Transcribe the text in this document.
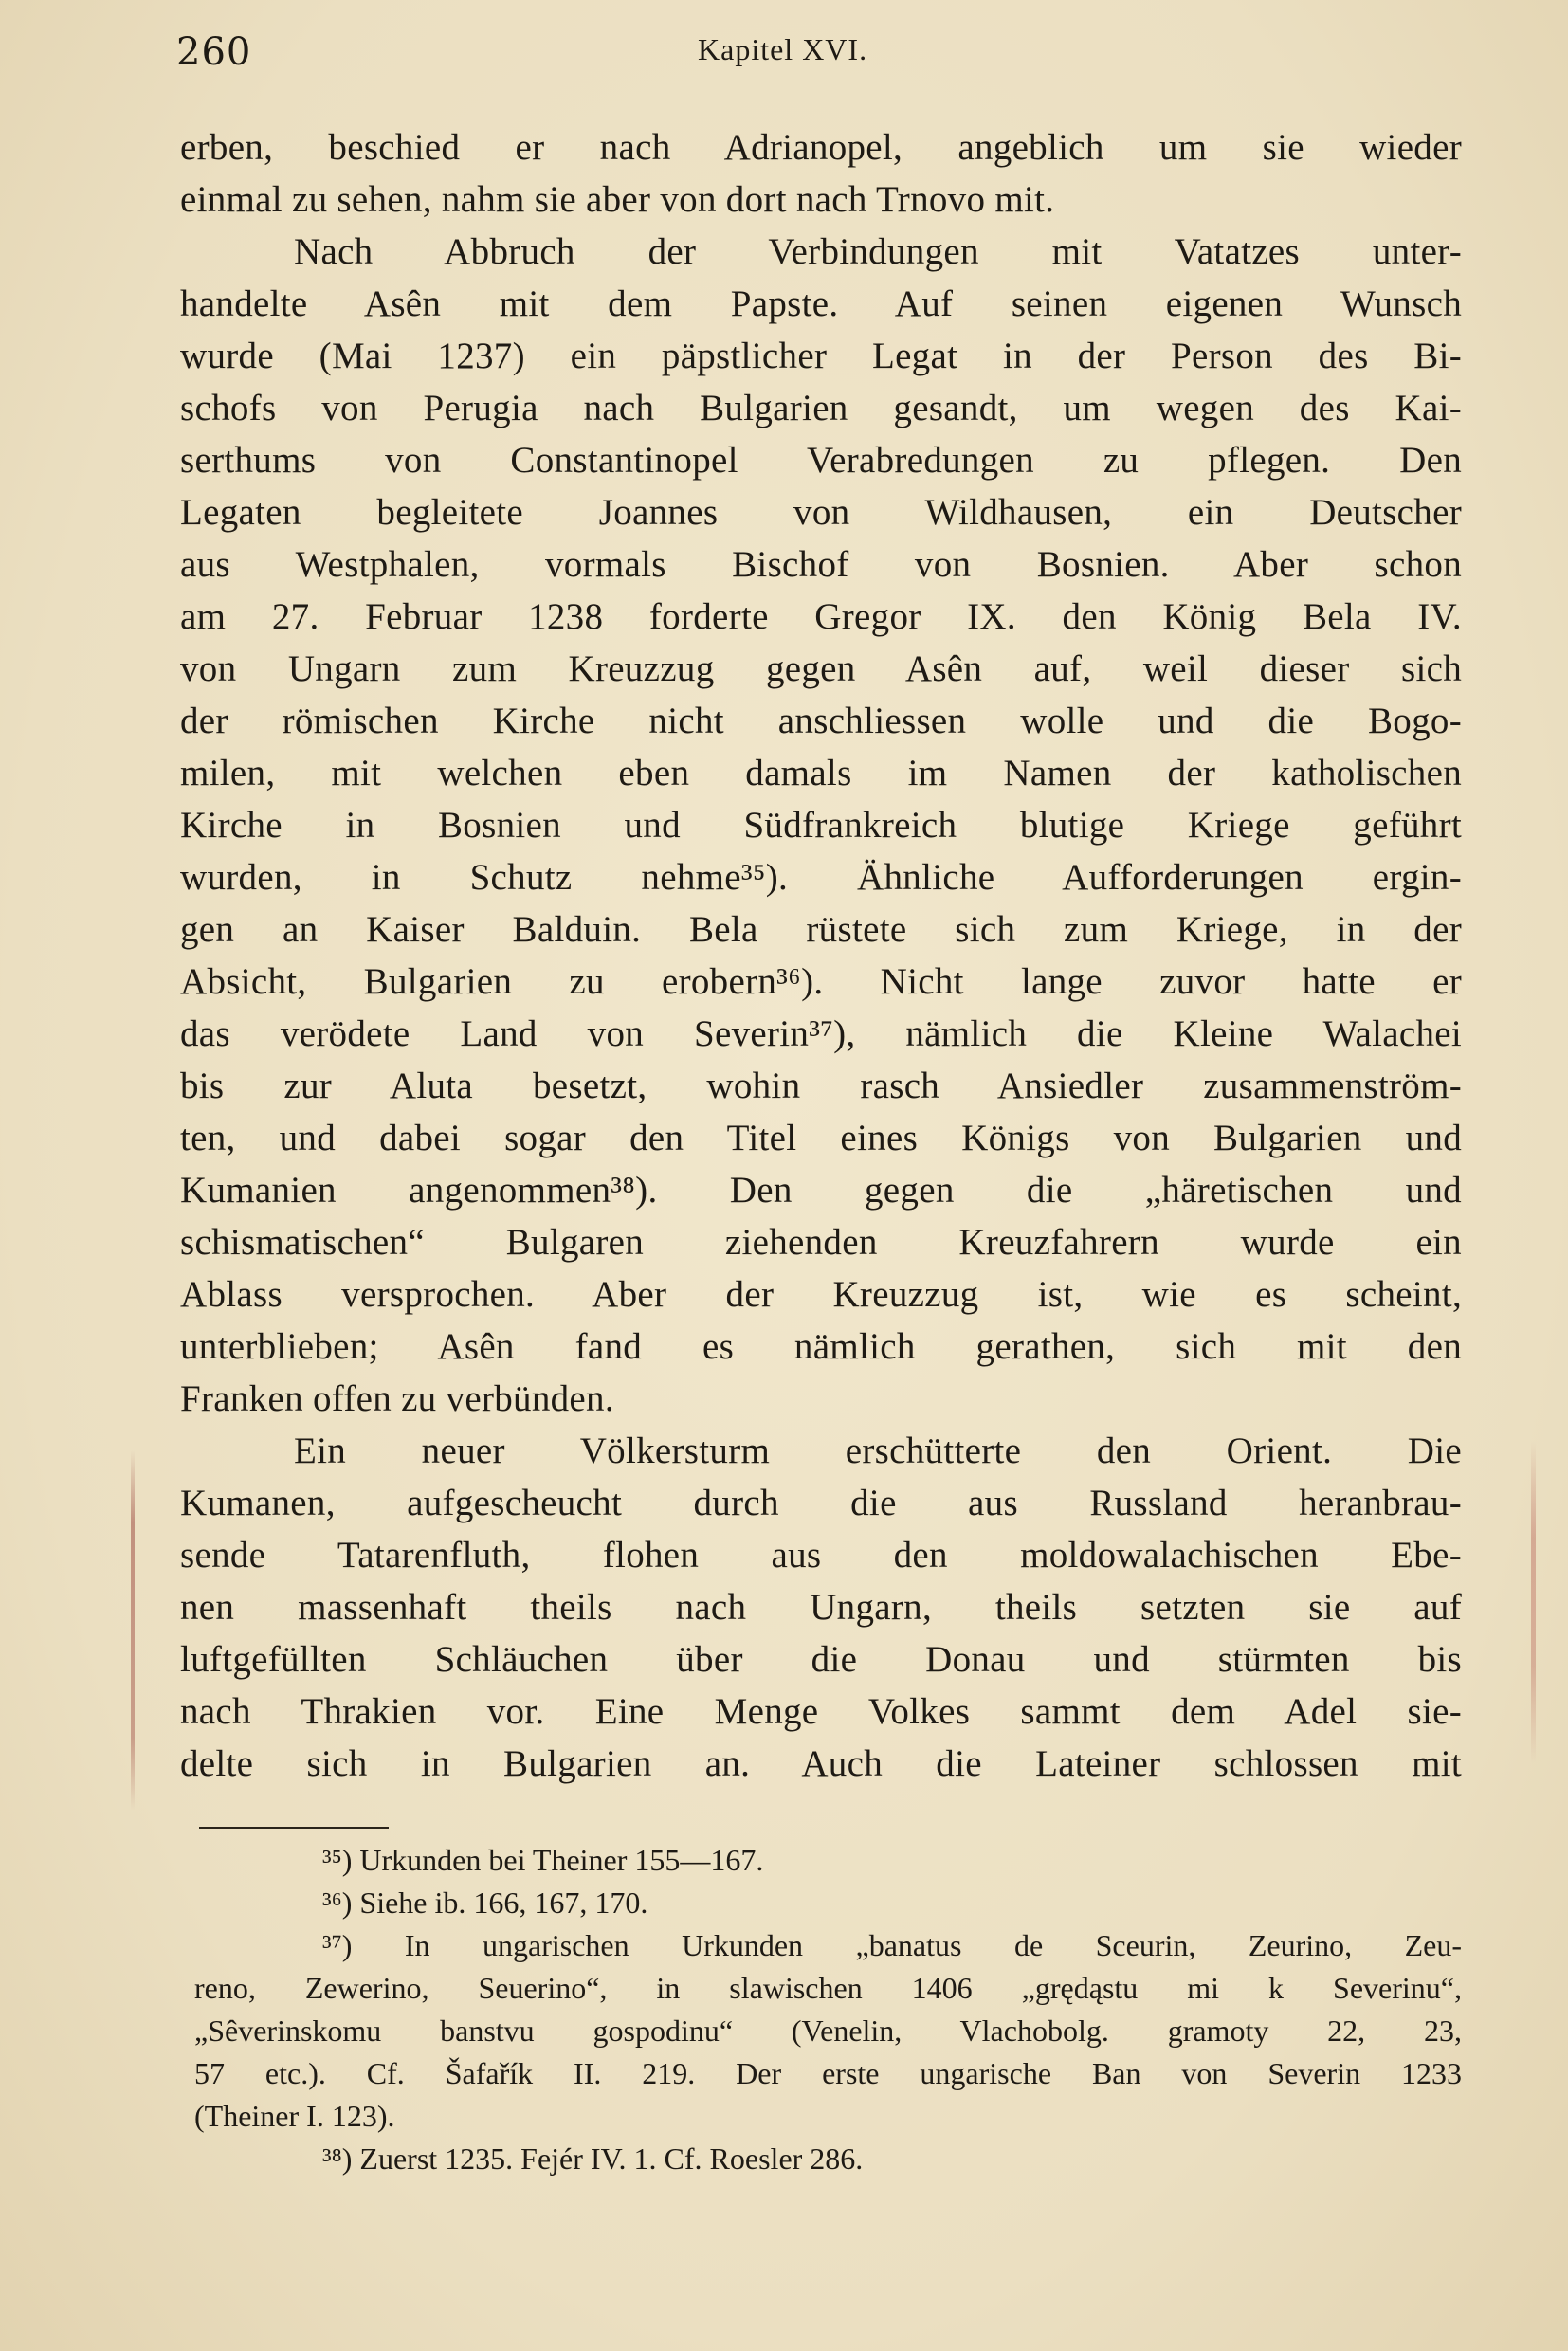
260	Kapitel XVI.
erben, beschied er nach Adrianopel, angeblich um sie wieder
einmal zu sehen, nahm sie aber von dort nach Trnovo mit.
Nach Abbruch der Verbindungen mit Vatatzes unter-
handelte Asên mit dem Papste. Auf seinen eigenen Wunsch
wurde (Mai 1237) ein päpstlicher Legat in der Person des Bi-
schofs von Perugia nach Bulgarien gesandt, um wegen des Kai-
serthums von Constantinopel Verabredungen zu pflegen. Den
Legaten begleitete Joannes von Wildhausen, ein Deutscher
aus Westphalen, vormals Bischof von Bosnien. Aber schon
am 27. Februar 1238 forderte Gregor IX. den König Bela IV.
von Ungarn zum Kreuzzug gegen Asên auf, weil dieser sich
der römischen Kirche nicht anschliessen wolle und die Bogo-
milen, mit welchen eben damals im Namen der katholischen
Kirche in Bosnien und Südfrankreich blutige Kriege geführt
wurden, in Schutz nehme³⁵). Ähnliche Aufforderungen ergin-
gen an Kaiser Balduin. Bela rüstete sich zum Kriege, in der
Absicht, Bulgarien zu erobern³⁶). Nicht lange zuvor hatte er
das verödete Land von Severin³⁷), nämlich die Kleine Walachei
bis zur Aluta besetzt, wohin rasch Ansiedler zusammenström-
ten, und dabei sogar den Titel eines Königs von Bulgarien und
Kumanien angenommen³⁸). Den gegen die „häretischen und
schismatischen“ Bulgaren ziehenden Kreuzfahrern wurde ein
Ablass versprochen. Aber der Kreuzzug ist, wie es scheint,
unterblieben; Asên fand es nämlich gerathen, sich mit den
Franken offen zu verbünden.
Ein neuer Völkersturm erschütterte den Orient. Die
Kumanen, aufgescheucht durch die aus Russland heranbrau-
sende Tatarenfluth, flohen aus den moldowalachischen Ebe-
nen massenhaft theils nach Ungarn, theils setzten sie auf
luftgefüllten Schläuchen über die Donau und stürmten bis
nach Thrakien vor. Eine Menge Volkes sammt dem Adel sie-
delte sich in Bulgarien an. Auch die Lateiner schlossen mit
³⁵) Urkunden bei Theiner 155—167.
³⁶) Siehe ib. 166, 167, 170.
³⁷) In ungarischen Urkunden „banatus de Sceurin, Zeurino, Zeu-
reno, Zewerino, Seuerino“, in slawischen 1406 „grędąstu mi k Severinu“,
„Sêverinskomu banstvu gospodinu“ (Venelin, Vlachobolg. gramoty 22, 23,
57 etc.). Cf. Šafařík II. 219. Der erste ungarische Ban von Severin 1233
(Theiner I. 123).
³⁸) Zuerst 1235. Fejér IV. 1. Cf. Roesler 286.
